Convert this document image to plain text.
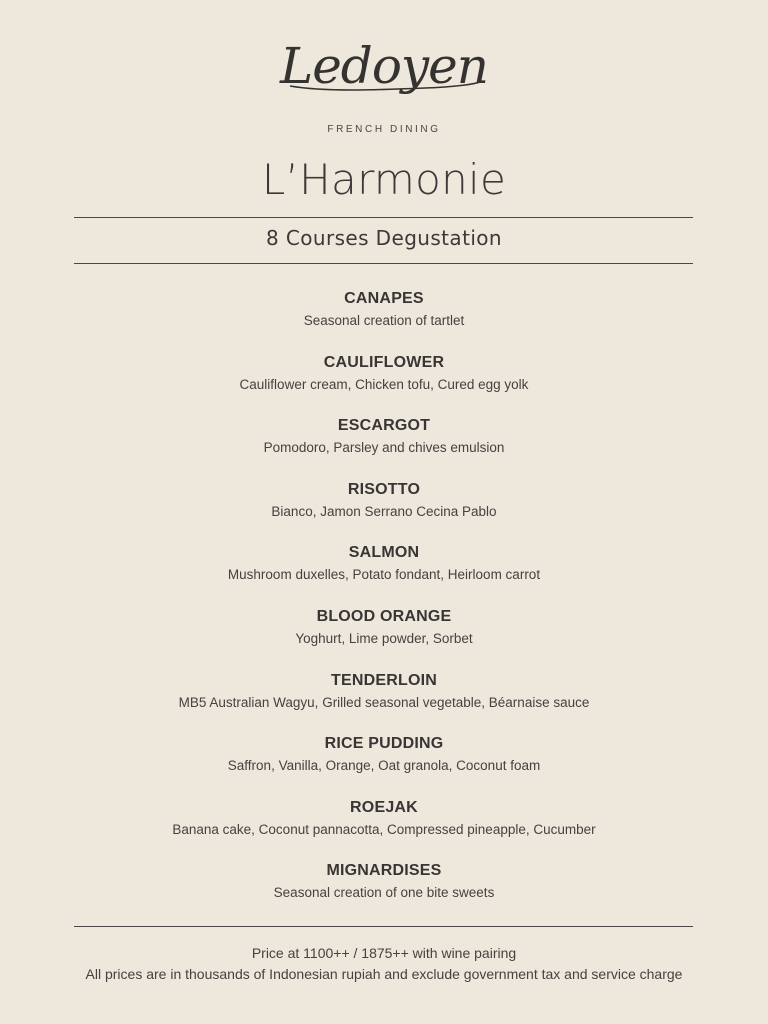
Ledoyen
FRENCH DINING
L’Harmonie
8 Courses Degustation
CANAPES
Seasonal creation of tartlet
CAULIFLOWER
Cauliflower cream, Chicken tofu, Cured egg yolk
ESCARGOT
Pomodoro, Parsley and chives emulsion
RISOTTO
Bianco, Jamon Serrano Cecina Pablo
SALMON
Mushroom duxelles, Potato fondant, Heirloom carrot
BLOOD ORANGE
Yoghurt, Lime powder, Sorbet
TENDERLOIN
MB5 Australian Wagyu, Grilled seasonal vegetable, Béarnaise sauce
RICE PUDDING
Saffron, Vanilla, Orange, Oat granola, Coconut foam
ROEJAK
Banana cake, Coconut pannacotta, Compressed pineapple, Cucumber
MIGNARDISES
Seasonal creation of one bite sweets
Price at 1100++ / 1875++ with wine pairing
All prices are in thousands of Indonesian rupiah and exclude government tax and service charge
